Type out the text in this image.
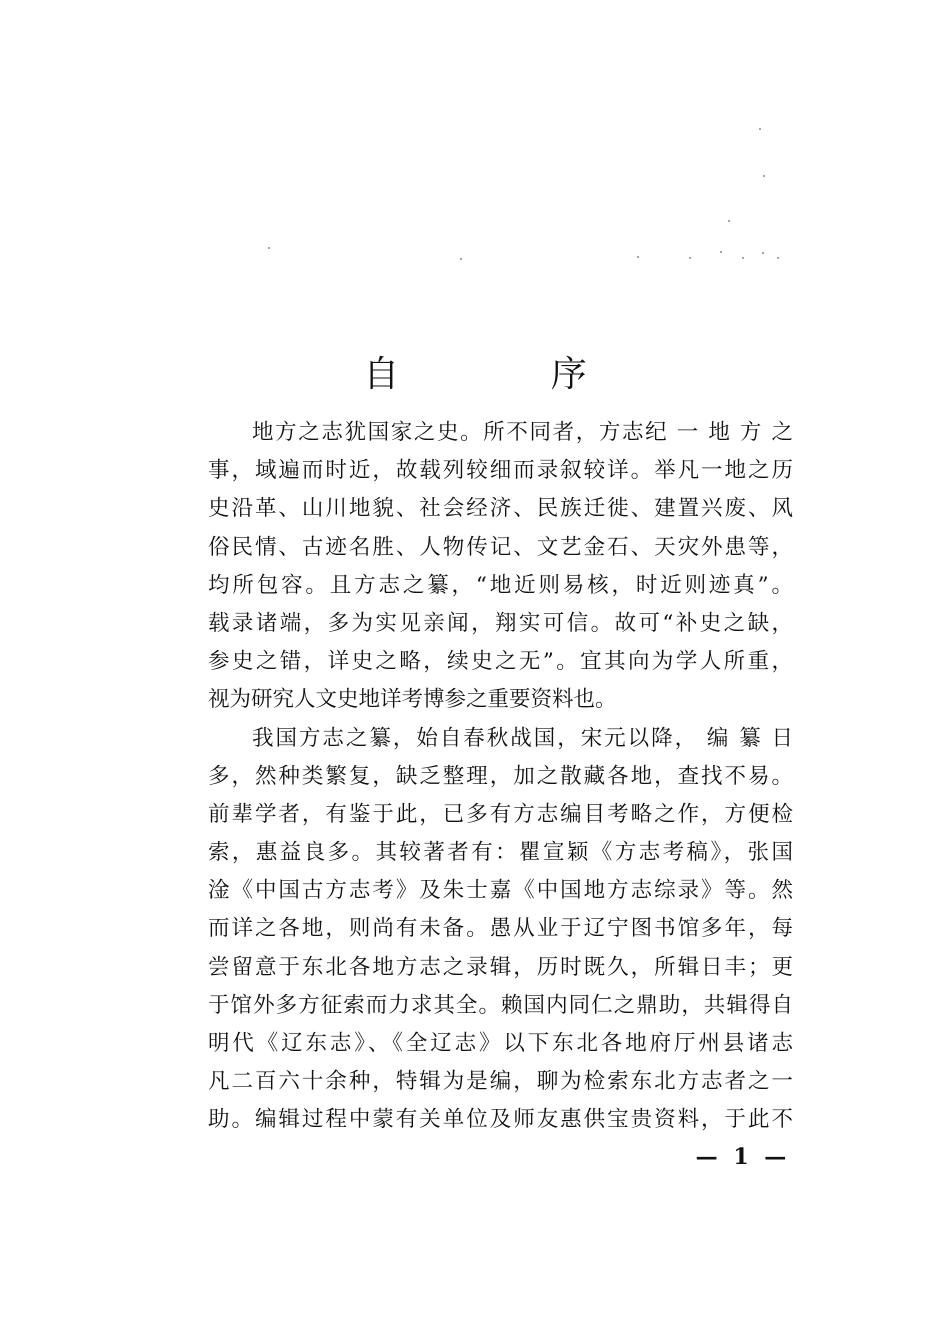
自 序
地方之志犹国家之史。所不同者，方志纪 一 地 方 之
事，域遍而时近，故载列较细而录叙较详。举凡一地之历
史沿革、山川地貌、社会经济、民族迁徙、建置兴废、风
俗民情、古迹名胜、人物传记、文艺金石、天灾外患等，
均所包容。且方志之纂，“地近则易核，时近则迹真”。
载录诸端，多为实见亲闻，翔实可信。故可“补史之缺，
参史之错，详史之略，续史之无”。宜其向为学人所重，
视为研究人文史地详考博参之重要资料也。
我国方志之纂，始自春秋战国，宋元以降， 编 纂 日
多，然种类繁复，缺乏整理，加之散藏各地，查找不易。
前辈学者，有鉴于此，已多有方志编目考略之作，方便检
索，惠益良多。其较著者有：瞿宣颖《方志考稿》，张国
淦《中国古方志考》及朱士嘉《中国地方志综录》等。然
而详之各地，则尚有未备。愚从业于辽宁图书馆多年，每
尝留意于东北各地方志之录辑，历时既久，所辑日丰；更
于馆外多方征索而力求其全。赖国内同仁之鼎助，共辑得自
明代《辽东志》、《全辽志》以下东北各地府厅州县诸志
凡二百六十余种，特辑为是编，聊为检索东北方志者之一
助。编辑过程中蒙有关单位及师友惠供宝贵资料，于此不
— 1 —
